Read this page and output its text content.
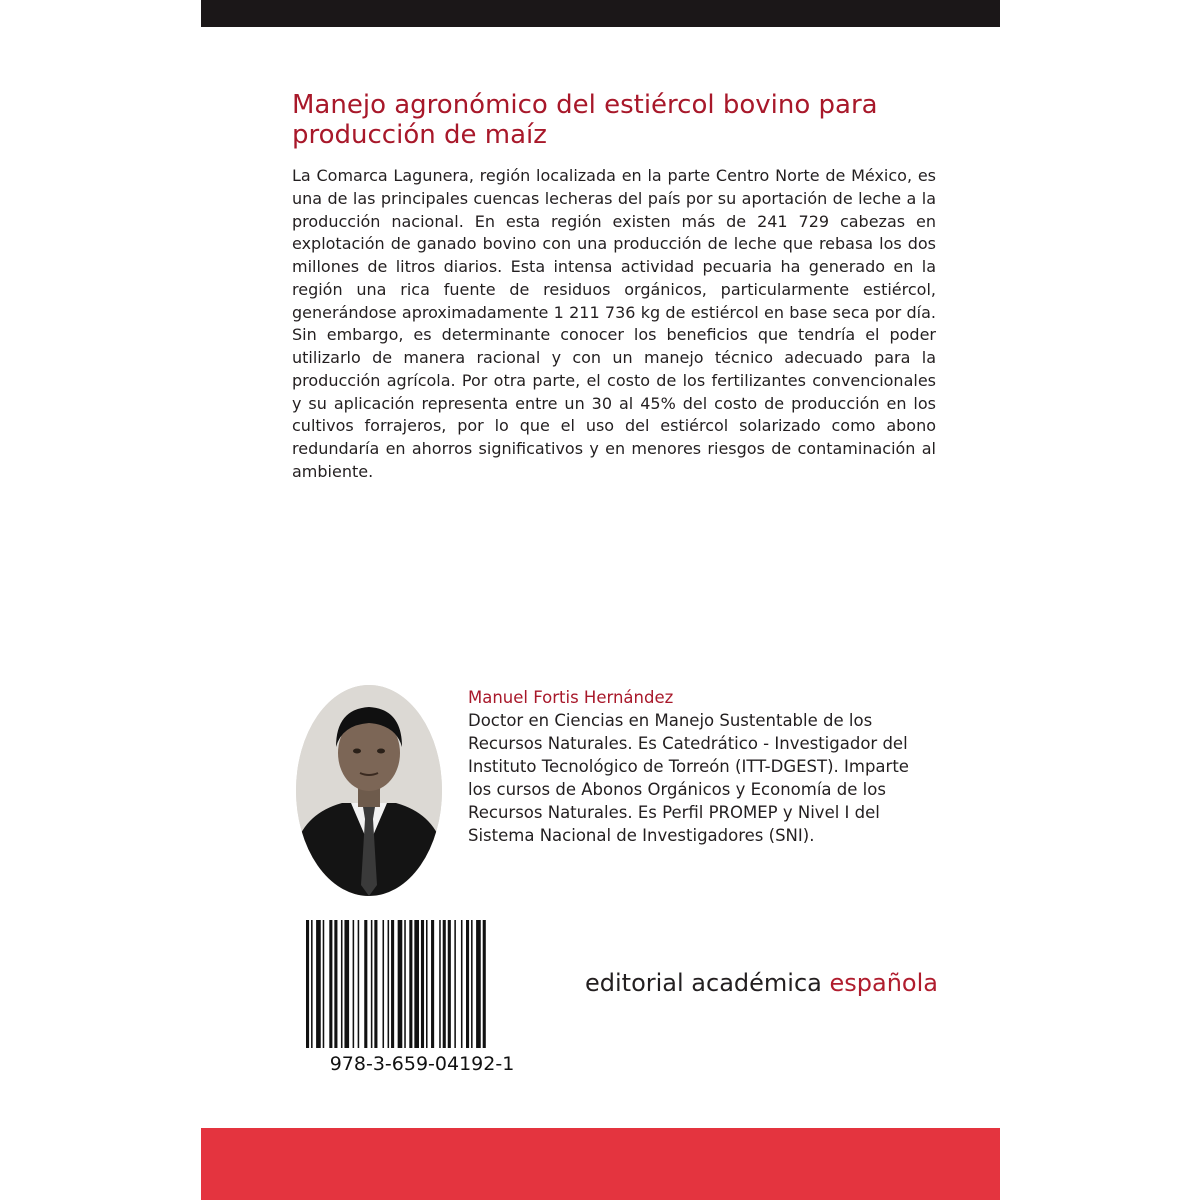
Manejo agronómico del estiércol bovino para producción de maíz

La Comarca Lagunera, región localizada en la parte Centro Norte de México, es una de las principales cuencas lecheras del país por su aportación de leche a la producción nacional. En esta región existen más de 241 729 cabezas en explotación de ganado bovino con una producción de leche que rebasa los dos millones de litros diarios. Esta intensa actividad pecuaria ha generado en la región una rica fuente de residuos orgánicos, particularmente estiércol, generándose aproximadamente 1 211 736 kg de estiércol en base seca por día. Sin embargo, es determinante conocer los beneficios que tendría el poder utilizarlo de manera racional y con un manejo técnico adecuado para la producción agrícola. Por otra parte, el costo de los fertilizantes convencionales y su aplicación representa entre un 30 al 45% del costo de producción en los cultivos forrajeros, por lo que el uso del estiércol solarizado como abono redundaría en ahorros significativos y en menores riesgos de contaminación al ambiente.

Manuel Fortis Hernández

Doctor en Ciencias en Manejo Sustentable de los Recursos Naturales. Es Catedrático - Investigador del Instituto Tecnológico de Torreón (ITT-DGEST). Imparte los cursos de Abonos Orgánicos y Economía de los Recursos Naturales. Es Perfil PROMEP y Nivel I del Sistema Nacional de Investigadores (SNI).

978-3-659-04192-1

editorial académica española
